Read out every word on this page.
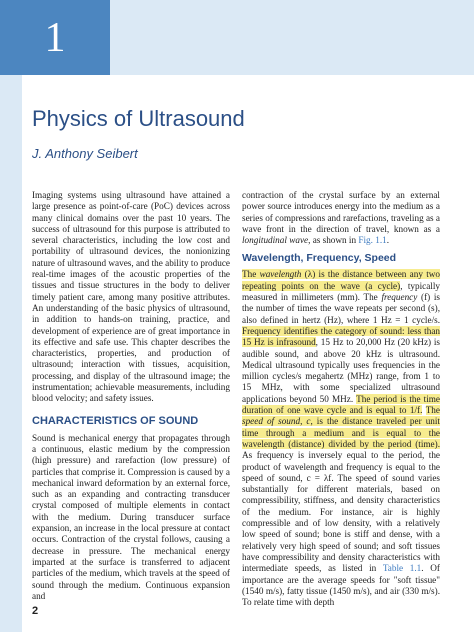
1
Physics of Ultrasound
J. Anthony Seibert

Imaging systems using ultrasound have attained a large presence as point-of-care (PoC) devices across many clinical domains over the past 10 years. The success of ultrasound for this purpose is attributed to several characteristics, including the low cost and portability of ultrasound devices, the nonionizing nature of ultrasound waves, and the ability to produce real-time images of the acoustic properties of the tissues and tissue structures in the body to deliver timely patient care, among many positive attributes. An understanding of the basic physics of ultrasound, in addition to hands-on training, practice, and development of experience are of great importance in its effective and safe use. This chapter describes the characteristics, properties, and production of ultrasound; interaction with tissues, acquisition, processing, and display of the ultrasound image; the instrumentation; achievable measurements, including blood velocity; and safety issues.

CHARACTERISTICS OF SOUND

Sound is mechanical energy that propagates through a continuous, elastic medium by the compression (high pressure) and rarefaction (low pressure) of particles that comprise it. Compression is caused by a mechanical inward deformation by an external force, such as an expanding and contracting transducer crystal composed of multiple elements in contact with the medium. During transducer surface expansion, an increase in the local pressure at contact occurs. Contraction of the crystal follows, causing a decrease in pressure. The mechanical energy imparted at the surface is transferred to adjacent particles of the medium, which travels at the speed of sound through the medium. Continuous expansion and

contraction of the crystal surface by an external power source introduces energy into the medium as a series of compressions and rarefactions, traveling as a wave front in the direction of travel, known as a longitudinal wave, as shown in Fig. 1.1.

Wavelength, Frequency, Speed

The wavelength (λ) is the distance between any two repeating points on the wave (a cycle), typically measured in millimeters (mm). The frequency (f) is the number of times the wave repeats per second (s), also defined in hertz (Hz), where 1 Hz = 1 cycle/s. Frequency identifies the category of sound: less than 15 Hz is infrasound, 15 Hz to 20,000 Hz (20 kHz) is audible sound, and above 20 kHz is ultrasound. Medical ultrasound typically uses frequencies in the million cycles/s megahertz (MHz) range, from 1 to 15 MHz, with some specialized ultrasound applications beyond 50 MHz. The period is the time duration of one wave cycle and is equal to 1/f. The speed of sound, c, is the distance traveled per unit time through a medium and is equal to the wavelength (distance) divided by the period (time). As frequency is inversely equal to the period, the product of wavelength and frequency is equal to the speed of sound, c = λf. The speed of sound varies substantially for different materials, based on compressibility, stiffness, and density characteristics of the medium. For instance, air is highly compressible and of low density, with a relatively low speed of sound; bone is stiff and dense, with a relatively very high speed of sound; and soft tissues have compressibility and density characteristics with intermediate speeds, as listed in Table 1.1. Of importance are the average speeds for "soft tissue" (1540 m/s), fatty tissue (1450 m/s), and air (330 m/s). To relate time with depth

2
